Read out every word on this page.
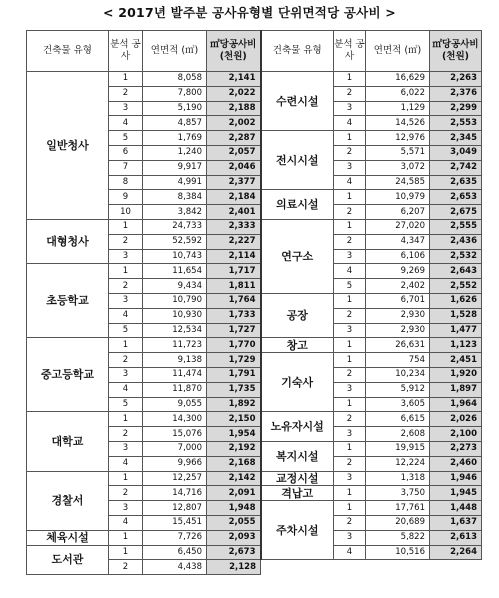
< 2017년 발주분 공사유형별 단위면적당 공사비 >
건축물 유형	분석 공사	연면적 (㎡)	㎡당공사비 (천원)	건축물 유형	분석 공사	연면적 (㎡)	㎡당공사비 (천원)
일반청사	1	8,058	2,141	수련시설	1	16,629	2,263
	2	7,800	2,022		2	6,022	2,376
	3	5,190	2,188		3	1,129	2,299
	4	4,857	2,002		4	14,526	2,553
	5	1,769	2,287	전시시설	1	12,976	2,345
	6	1,240	2,057		2	5,571	3,049
	7	9,917	2,046		3	3,072	2,742
	8	4,991	2,377		4	24,585	2,635
	9	8,384	2,184	의료시설	1	10,979	2,653
	10	3,842	2,401		2	6,207	2,675
대형청사	1	24,733	2,333	연구소	1	27,020	2,555
	2	52,592	2,227		2	4,347	2,436
	3	10,743	2,114		3	6,106	2,532
초등학교	1	11,654	1,717		4	9,269	2,643
	2	9,434	1,811		5	2,402	2,552
	3	10,790	1,764	공장	1	6,701	1,626
	4	10,930	1,733		2	2,930	1,528
	5	12,534	1,727		3	2,930	1,477
중고등학교	1	11,723	1,770	창고	1	26,631	1,123
	2	9,138	1,729	기숙사	1	754	2,451
	3	11,474	1,791		2	10,234	1,920
	4	11,870	1,735		3	5,912	1,897
	5	9,055	1,892		1	3,605	1,964
대학교	1	14,300	2,150	노유자시설	2	6,615	2,026
	2	15,076	1,954		3	2,608	2,100
	3	7,000	2,192	복지시설	1	19,915	2,273
	4	9,966	2,168		2	12,224	2,460
경찰서	1	12,257	2,142	교정시설	3	1,318	1,946
	2	14,716	2,091	격납고	1	3,750	1,945
	3	12,807	1,948	주차시설	1	17,761	1,448
	4	15,451	2,055		2	20,689	1,637
체육시설	1	7,726	2,093		3	5,822	2,613
도서관	1	6,450	2,673		4	10,516	2,264
	2	4,438	2,128				
